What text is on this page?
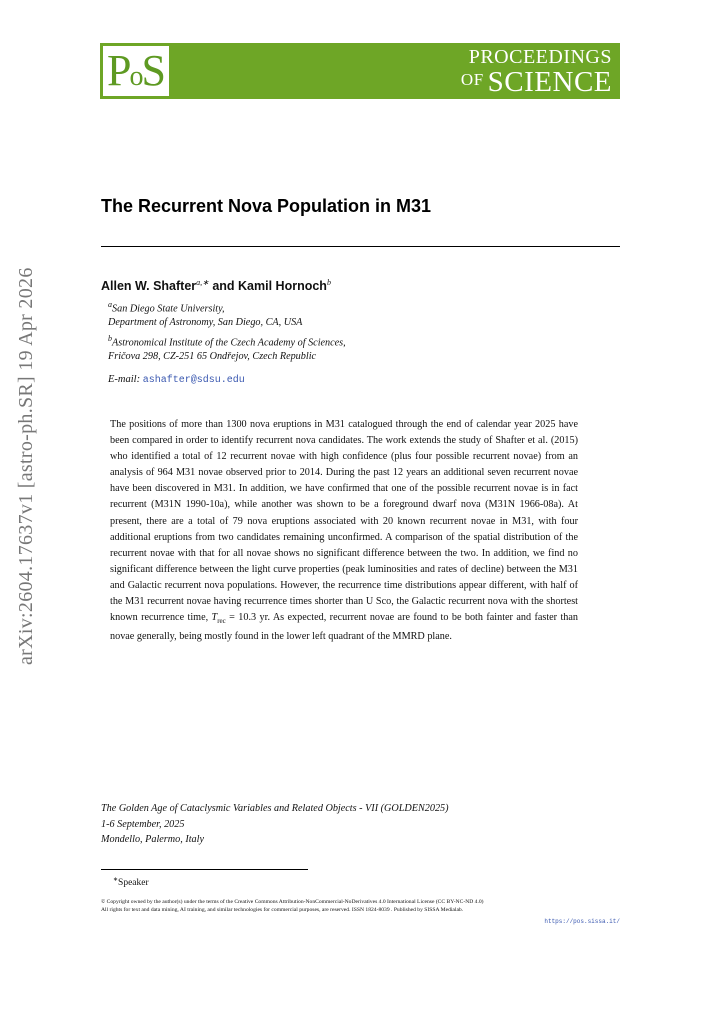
PoS	PROCEEDINGS
$^{OF}$ SCIENCE
arXiv:2604.17637v1 [astro-ph.SR] 19 Apr 2026
The Recurrent Nova Population in M31
Allen W. Shafter$^{a,∗}$ and Kamil Hornoch$^b$
$^a$San Diego State University,
Department of Astronomy, San Diego, CA, USA
$^b$Astronomical Institute of the Czech Academy of Sciences,
Fričova 298, CZ-251 65 Ondřejov, Czech Republic
E-mail: ashafter@sdsu.edu
The positions of more than 1300 nova eruptions in M31 catalogued through the end of calendar year 2025 have been compared in order to identify recurrent nova candidates. The work extends the study of Shafter et al. (2015) who identified a total of 12 recurrent novae with high confidence (plus four possible recurrent novae) from an analysis of 964 M31 novae observed prior to 2014. During the past 12 years an additional seven recurrent novae have been discovered in M31. In addition, we have confirmed that one of the possible recurrent novae is in fact recurrent (M31N 1990-10a), while another was shown to be a foreground dwarf nova (M31N 1966-08a). At present, there are a total of 79 nova eruptions associated with 20 known recurrent novae in M31, with four additional eruptions from two candidates remaining unconfirmed. A comparison of the spatial distribution of the recurrent novae with that for all novae shows no significant difference between the two. In addition, we find no significant difference between the light curve properties (peak luminosities and rates of decline) between the M31 and Galactic recurrent nova populations. However, the recurrence time distributions appear different, with half of the M31 recurrent novae having recurrence times shorter than U Sco, the Galactic recurrent nova with the shortest known recurrence time, $T_{rec} = 10.3$ yr. As expected, recurrent novae are found to be both fainter and faster than novae generally, being mostly found in the lower left quadrant of the MMRD plane.
The Golden Age of Cataclysmic Variables and Related Objects - VII (GOLDEN2025)
1-6 September, 2025
Mondello, Palermo, Italy
∗Speaker
© Copyright owned by the author(s) under the terms of the Creative Commons Attribution-NonCommercial-NoDerivatives 4.0 International License (CC BY-NC-ND 4.0) All rights for text and data mining, AI training, and similar technologies for commercial purposes, are reserved. ISSN 1824-8039 . Published by SISSA Medialab.
https://pos.sissa.it/
